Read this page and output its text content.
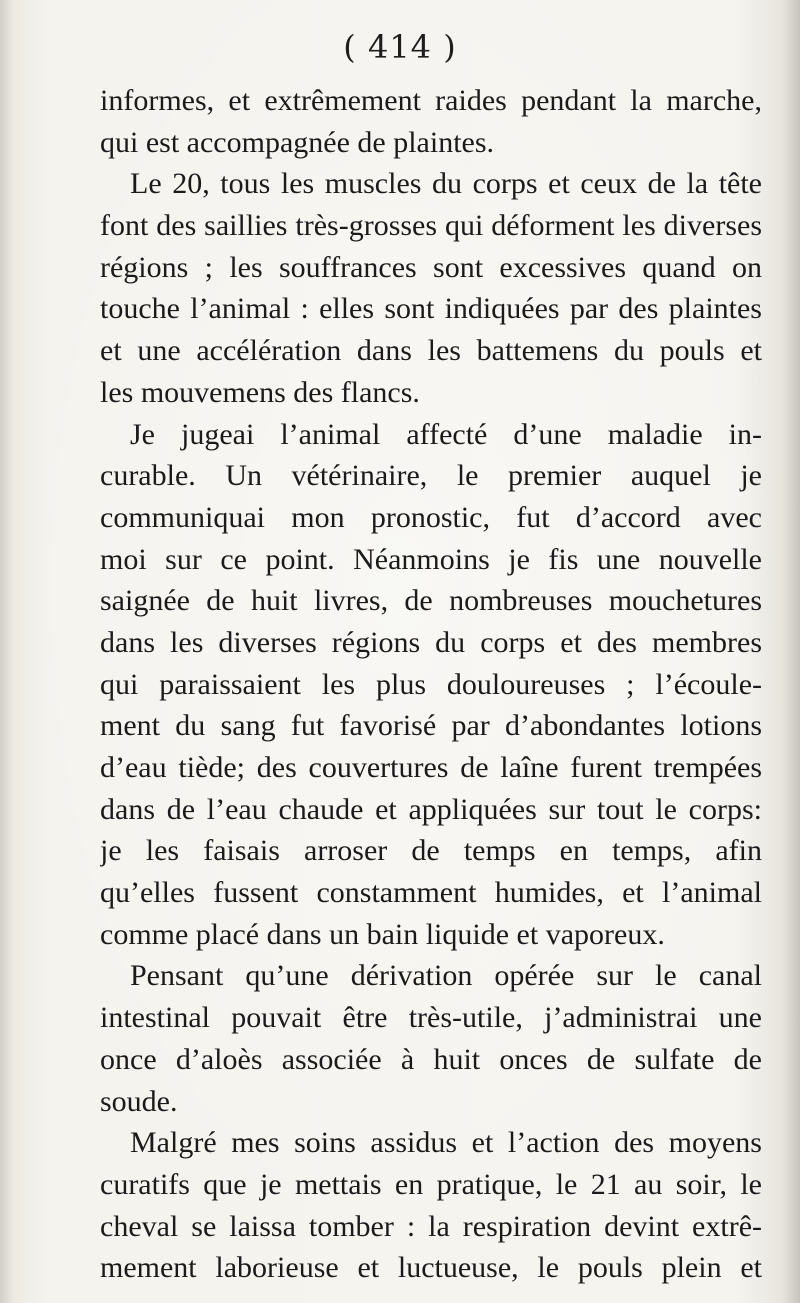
( 414 )
informes, et extrêmement raides pendant la marche,
qui est accompagnée de plaintes.
Le 20, tous les muscles du corps et ceux de la tête
font des saillies très-grosses qui déforment les diverses
régions ; les souffrances sont excessives quand on
touche l’animal : elles sont indiquées par des plaintes
et une accélération dans les battemens du pouls et
les mouvemens des flancs.
Je jugeai l’animal affecté d’une maladie in-
curable. Un vétérinaire, le premier auquel je
communiquai mon pronostic, fut d’accord avec
moi sur ce point. Néanmoins je fis une nouvelle
saignée de huit livres, de nombreuses mouchetures
dans les diverses régions du corps et des membres
qui paraissaient les plus douloureuses ; l’écoule-
ment du sang fut favorisé par d’abondantes lotions
d’eau tiède; des couvertures de laîne furent trempées
dans de l’eau chaude et appliquées sur tout le corps:
je les faisais arroser de temps en temps, afin
qu’elles fussent constamment humides, et l’animal
comme placé dans un bain liquide et vaporeux.
Pensant qu’une dérivation opérée sur le canal
intestinal pouvait être très-utile, j’administrai une
once d’aloès associée à huit onces de sulfate de
soude.
Malgré mes soins assidus et l’action des moyens
curatifs que je mettais en pratique, le 21 au soir, le
cheval se laissa tomber : la respiration devint extrê-
mement laborieuse et luctueuse, le pouls plein et
